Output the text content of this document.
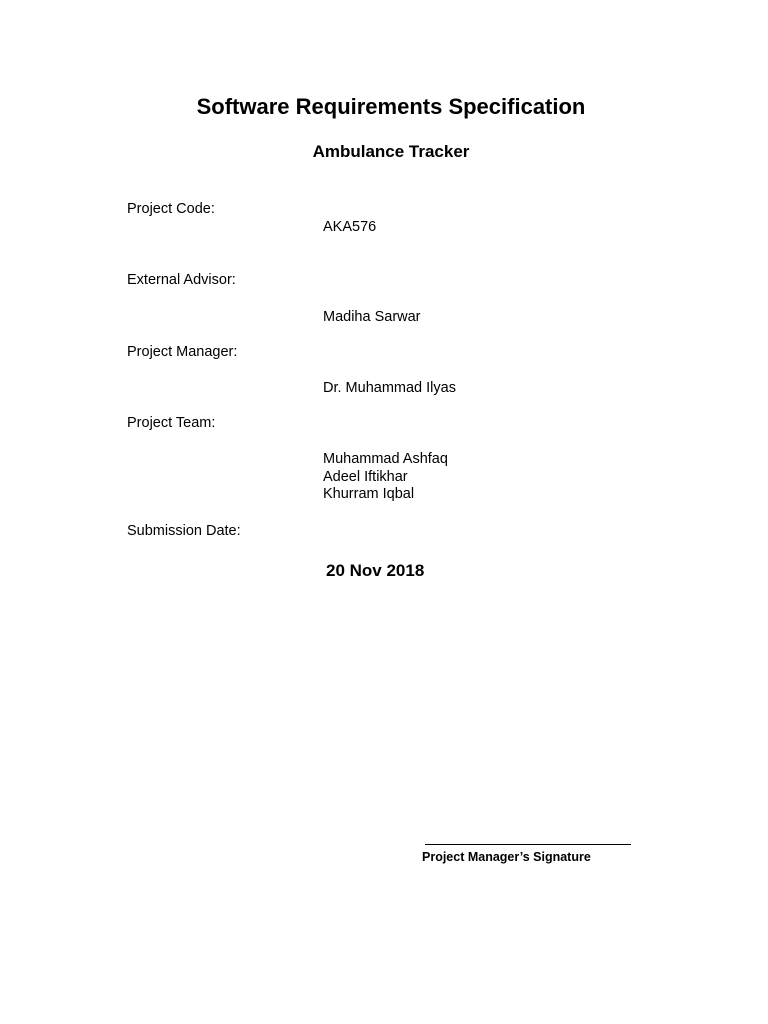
Software Requirements Specification
Ambulance Tracker
Project Code:
AKA576
External Advisor:
Madiha Sarwar
Project Manager:
Dr. Muhammad Ilyas
Project Team:
Muhammad Ashfaq
Adeel Iftikhar
Khurram Iqbal
Submission Date:
20 Nov 2018
Project Manager’s Signature
